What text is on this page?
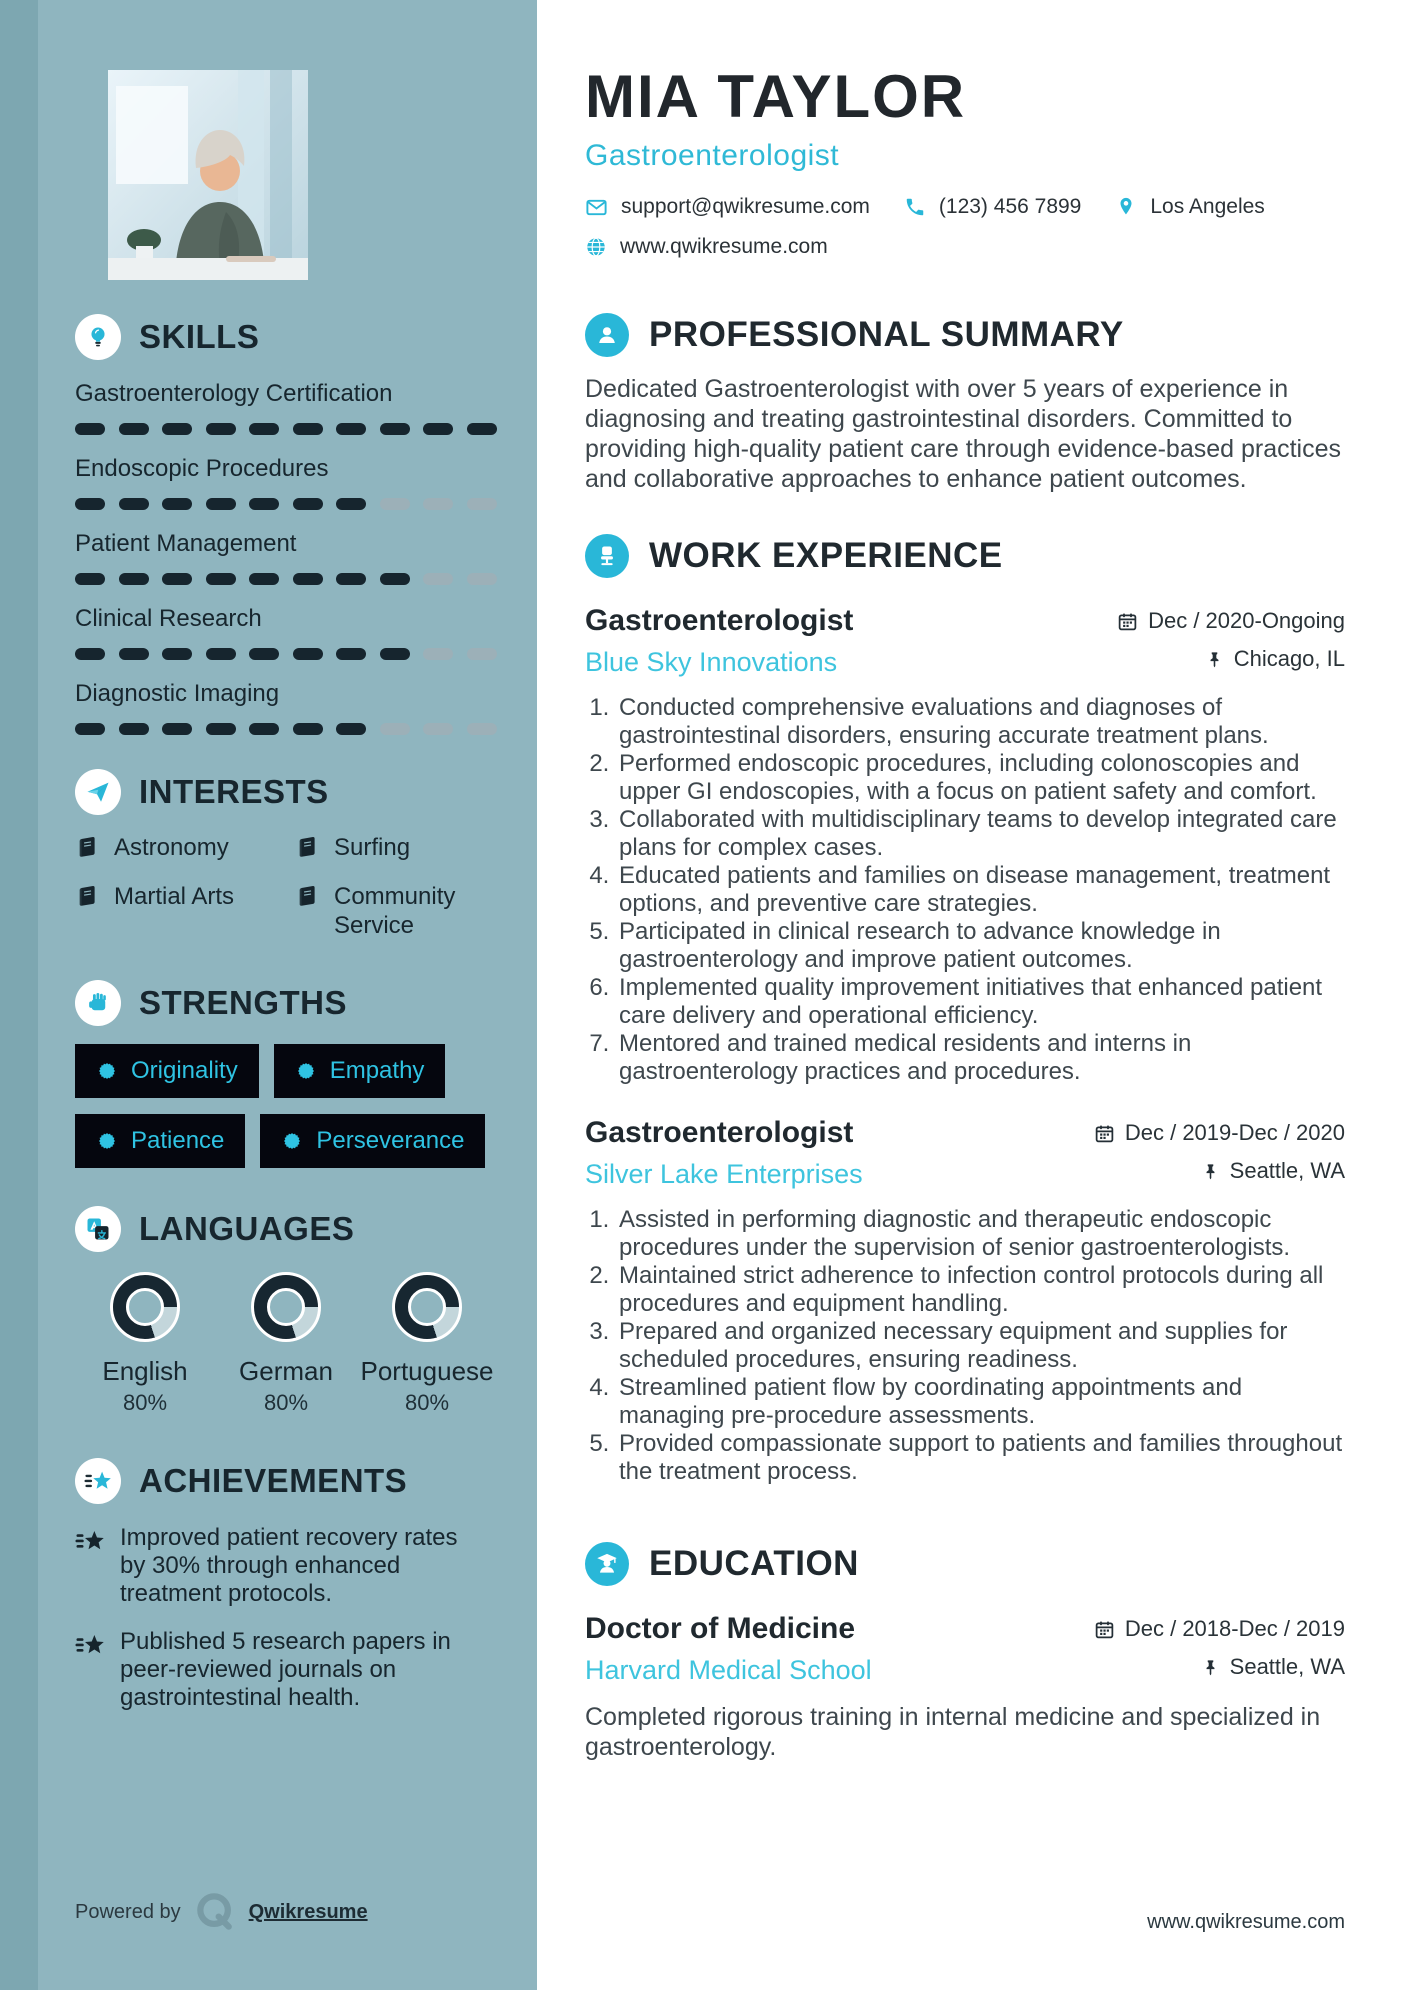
SKILLS
Gastroenterology Certification
Endoscopic Procedures
Patient Management
Clinical Research
Diagnostic Imaging
INTERESTS
Astronomy	Surfing
Martial Arts	Community Service
STRENGTHS
Originality	Empathy
Patience	Perseverance
LANGUAGES
English
80%
German
80%
Portuguese
80%
ACHIEVEMENTS
Improved patient recovery rates by 30% through enhanced treatment protocols.
Published 5 research papers in peer-reviewed journals on gastrointestinal health.
Powered by	Qwikresume
MIA TAYLOR
Gastroenterologist
support@qwikresume.com	(123) 456 7899	Los Angeles
www.qwikresume.com
PROFESSIONAL SUMMARY

Dedicated Gastroenterologist with over 5 years of experience in diagnosing and treating gastrointestinal disorders. Committed to providing high-quality patient care through evidence-based practices and collaborative approaches to enhance patient outcomes.

WORK EXPERIENCE
Gastroenterologist
Blue Sky Innovations
Dec / 2020-Ongoing
Chicago, IL
1. Conducted comprehensive evaluations and diagnoses of gastrointestinal disorders, ensuring accurate treatment plans.
2. Performed endoscopic procedures, including colonoscopies and upper GI endoscopies, with a focus on patient safety and comfort.
3. Collaborated with multidisciplinary teams to develop integrated care plans for complex cases.
4. Educated patients and families on disease management, treatment options, and preventive care strategies.
5. Participated in clinical research to advance knowledge in gastroenterology and improve patient outcomes.
6. Implemented quality improvement initiatives that enhanced patient care delivery and operational efficiency.
7. Mentored and trained medical residents and interns in gastroenterology practices and procedures.
Gastroenterologist
Silver Lake Enterprises
Dec / 2019-Dec / 2020
Seattle, WA
1. Assisted in performing diagnostic and therapeutic endoscopic procedures under the supervision of senior gastroenterologists.
2. Maintained strict adherence to infection control protocols during all procedures and equipment handling.
3. Prepared and organized necessary equipment and supplies for scheduled procedures, ensuring readiness.
4. Streamlined patient flow by coordinating appointments and managing pre-procedure assessments.
5. Provided compassionate support to patients and families throughout the treatment process.
EDUCATION
Doctor of Medicine
Harvard Medical School
Dec / 2018-Dec / 2019
Seattle, WA

Completed rigorous training in internal medicine and specialized in gastroenterology.

www.qwikresume.com
